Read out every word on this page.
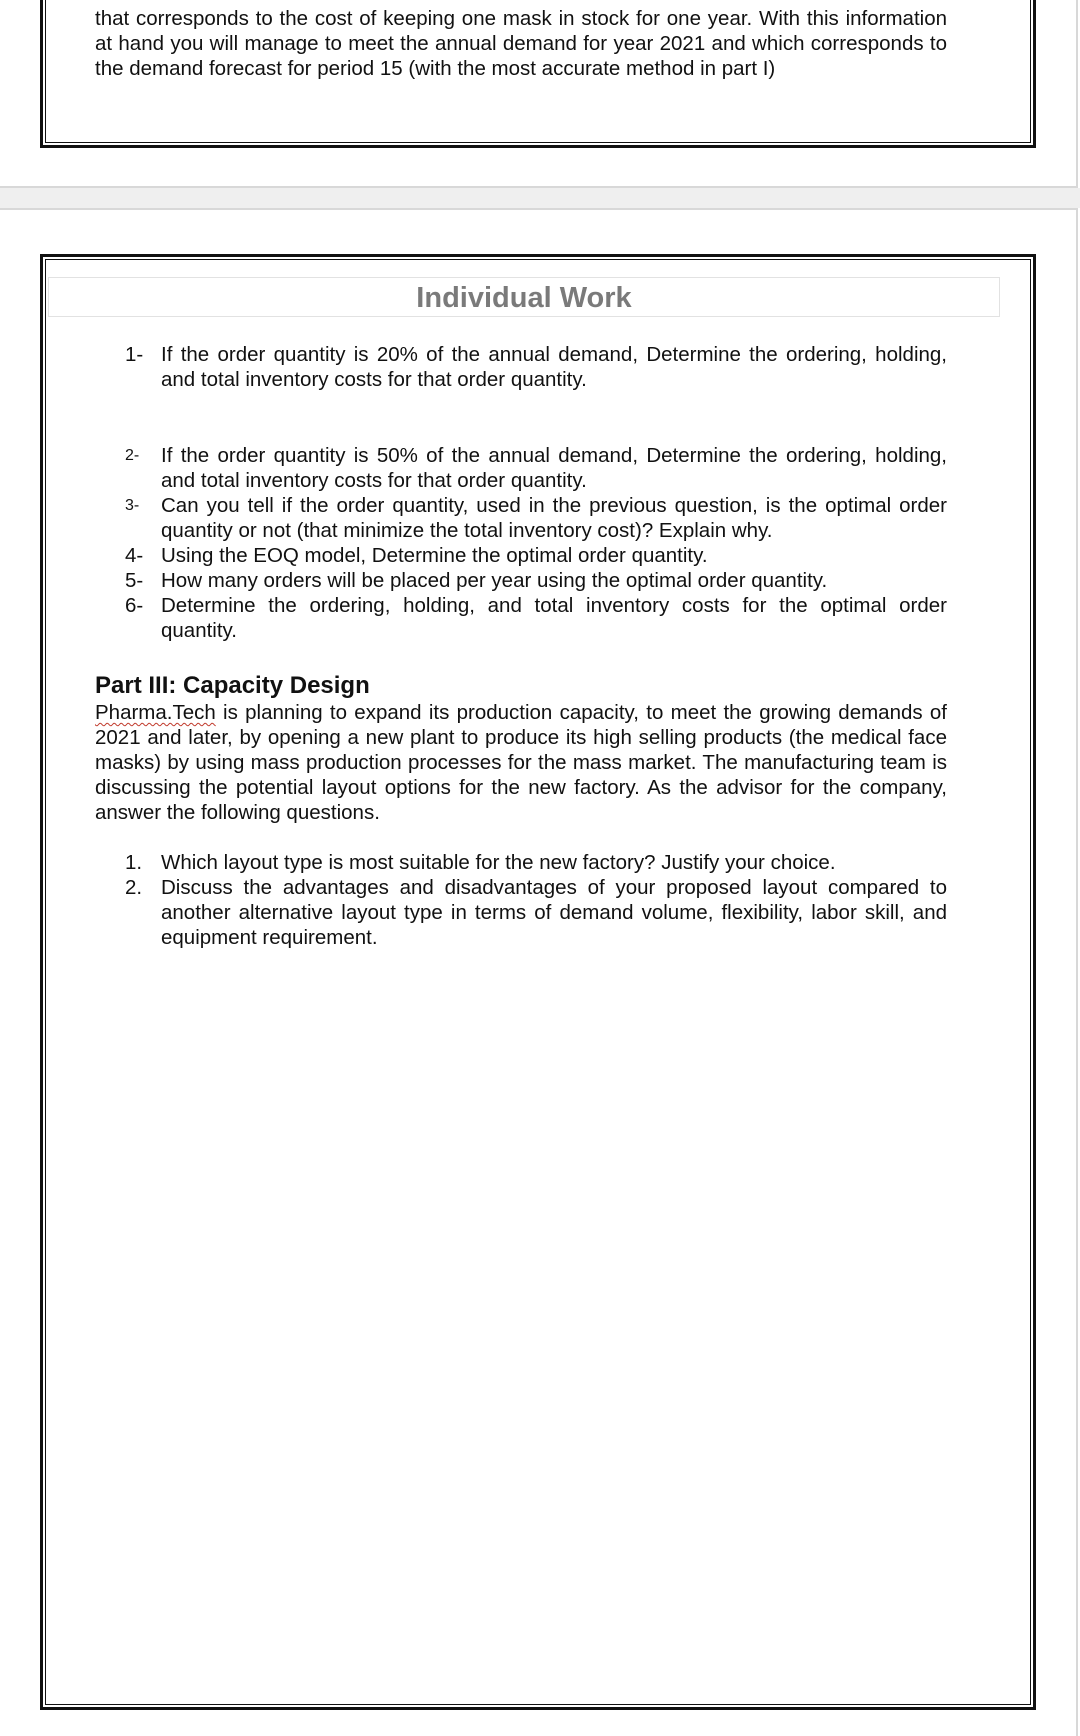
that corresponds to the cost of keeping one mask in stock for one year. With this information at hand you will manage to meet the annual demand for year 2021 and which corresponds to the demand forecast for period 15 (with the most accurate method in part I)
Individual Work
1- If the order quantity is 20% of the annual demand, Determine the ordering, holding, and total inventory costs for that order quantity.
2-	If the order quantity is 50% of the annual demand, Determine the ordering, holding, and total inventory costs for that order quantity.
3-	Can you tell if the order quantity, used in the previous question, is the optimal order quantity or not (that minimize the total inventory cost)? Explain why.
4- Using the EOQ model, Determine the optimal order quantity.
5- How many orders will be placed per year using the optimal order quantity.
6- Determine the ordering, holding, and total inventory costs for the optimal order quantity.
Part III: Capacity Design
Pharma.Tech is planning to expand its production capacity, to meet the growing demands of 2021 and later, by opening a new plant to produce its high selling products (the medical face masks) by using mass production processes for the mass market. The manufacturing team is discussing the potential layout options for the new factory. As the advisor for the company, answer the following questions.
1. Which layout type is most suitable for the new factory? Justify your choice.
2. Discuss the advantages and disadvantages of your proposed layout compared to another alternative layout type in terms of demand volume, flexibility, labor skill, and equipment requirement.
